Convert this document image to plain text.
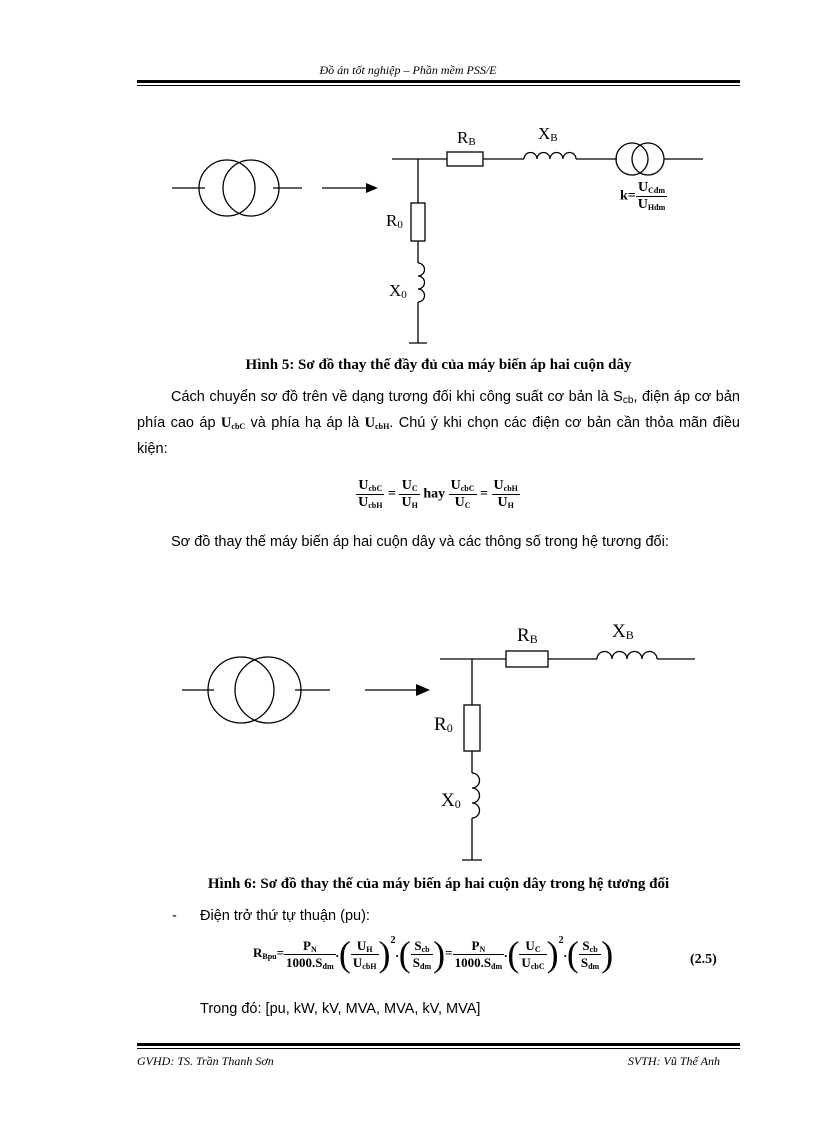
Đồ án tốt nghiệp – Phần mềm PSS/E
RB	XB
R0
X0
$k= \frac{U_{Cđm}}{U_{Hđm}}$
Hình 5: Sơ đồ thay thế đầy đủ của máy biến áp hai cuộn dây
Cách chuyển sơ đồ trên về dạng tương đối khi công suất cơ bản là $S_{cb}$, điện áp cơ bản phía cao áp $U_{cbC}$ và phía hạ áp là $U_{cbH}$. Chú ý khi chọn các điện cơ bản cần thỏa mãn điều kiện:
$\frac{U_{cbC}}{U_{cbH}} = \frac{U_C}{U_H}$ hay $\frac{U_{cbC}}{U_C} = \frac{U_{cbH}}{U_H}$
Sơ đồ thay thế máy biến áp hai cuộn dây và các thông số trong hệ tương đối:
RB	XB
R0
X0
Hình 6: Sơ đồ thay thế của máy biến áp hai cuộn dây trong hệ tương đối
- Điện trở thứ tự thuận (pu):
$R_{Bpu}= \frac{P_N}{1000.S_{đm}}$ .( $\frac{U_H}{U_{cbH}} )^2.( \frac{S_{cb}}{S_{đm}}$ )= $\frac{P_N}{1000.S_{đm}}$ .( $\frac{U_C}{U_{cbC}} )^2.( \frac{S_{cb}}{S_{đm}}$ )	(2.5)
Trong đó: [pu, kW, kV, MVA, MVA, kV, MVA]
GVHD: TS. Trần Thanh Sơn	SVTH: Vũ Thế Anh
